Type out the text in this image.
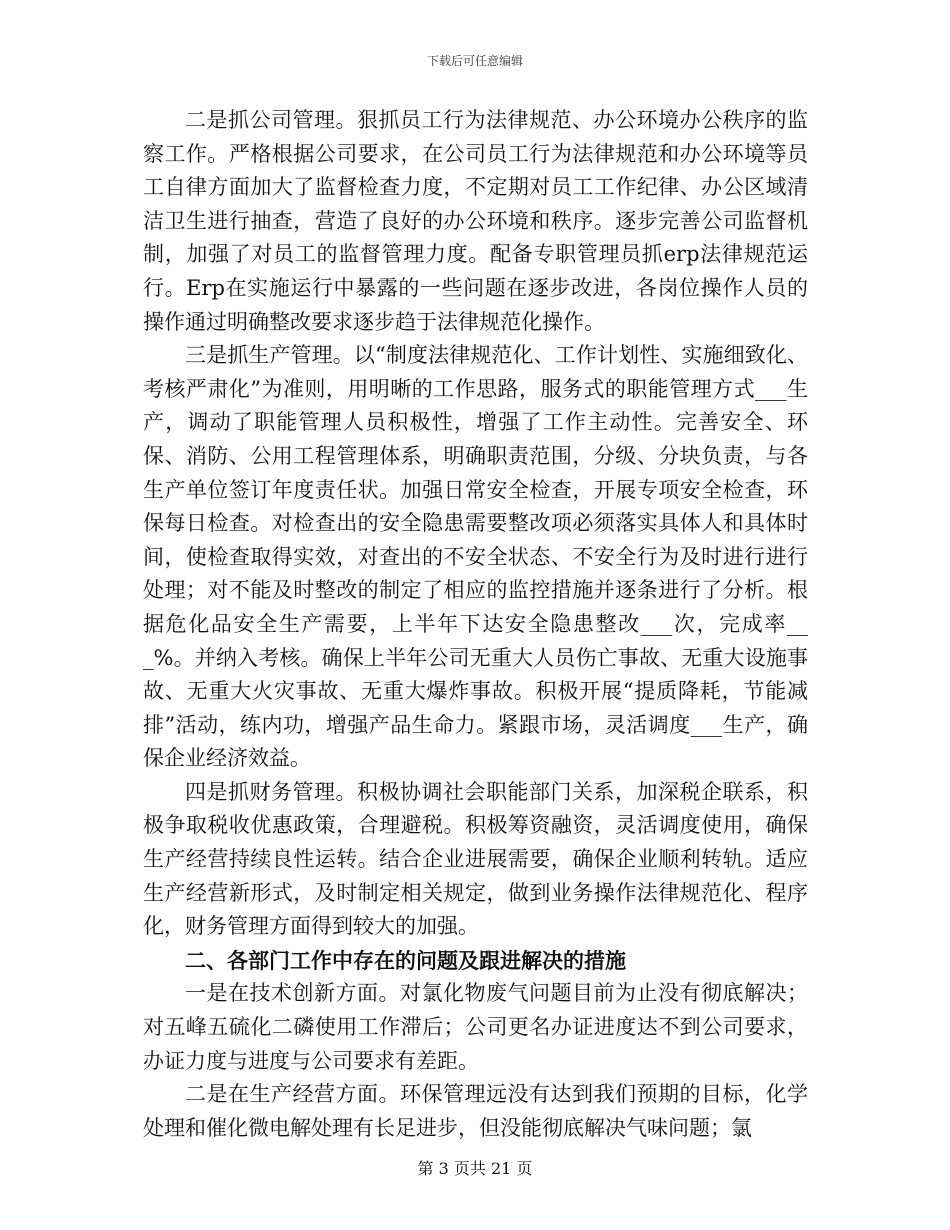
下载后可任意编辑

二是抓公司管理。狠抓员工行为法律规范、办公环境办公秩序的监察工作。严格根据公司要求，在公司员工行为法律规范和办公环境等员工自律方面加大了监督检查力度，不定期对员工工作纪律、办公区域清洁卫生进行抽查，营造了良好的办公环境和秩序。逐步完善公司监督机制，加强了对员工的监督管理力度。配备专职管理员抓erp法律规范运行。Erp在实施运行中暴露的一些问题在逐步改进，各岗位操作人员的操作通过明确整改要求逐步趋于法律规范化操作。

三是抓生产管理。以“制度法律规范化、工作计划性、实施细致化、考核严肃化”为准则，用明晰的工作思路，服务式的职能管理方式___生产，调动了职能管理人员积极性，增强了工作主动性。完善安全、环保、消防、公用工程管理体系，明确职责范围，分级、分块负责，与各生产单位签订年度责任状。加强日常安全检查，开展专项安全检查，环保每日检查。对检查出的安全隐患需要整改项必须落实具体人和具体时间，使检查取得实效，对查出的不安全状态、不安全行为及时进行进行处理；对不能及时整改的制定了相应的监控措施并逐条进行了分析。根据危化品安全生产需要，上半年下达安全隐患整改___次，完成率___%。并纳入考核。确保上半年公司无重大人员伤亡事故、无重大设施事故、无重大火灾事故、无重大爆炸事故。积极开展“提质降耗，节能减排”活动，练内功，增强产品生命力。紧跟市场，灵活调度___生产，确保企业经济效益。

四是抓财务管理。积极协调社会职能部门关系，加深税企联系，积极争取税收优惠政策，合理避税。积极筹资融资，灵活调度使用，确保生产经营持续良性运转。结合企业进展需要，确保企业顺利转轨。适应生产经营新形式，及时制定相关规定，做到业务操作法律规范化、程序化，财务管理方面得到较大的加强。

二、各部门工作中存在的问题及跟进解决的措施

一是在技术创新方面。对氯化物废气问题目前为止没有彻底解决；对五峰五硫化二磷使用工作滞后；公司更名办证进度达不到公司要求，办证力度与进度与公司要求有差距。

二是在生产经营方面。环保管理远没有达到我们预期的目标，化学处理和催化微电解处理有长足进步，但没能彻底解决气味问题；氯

第 3 页共 21 页
